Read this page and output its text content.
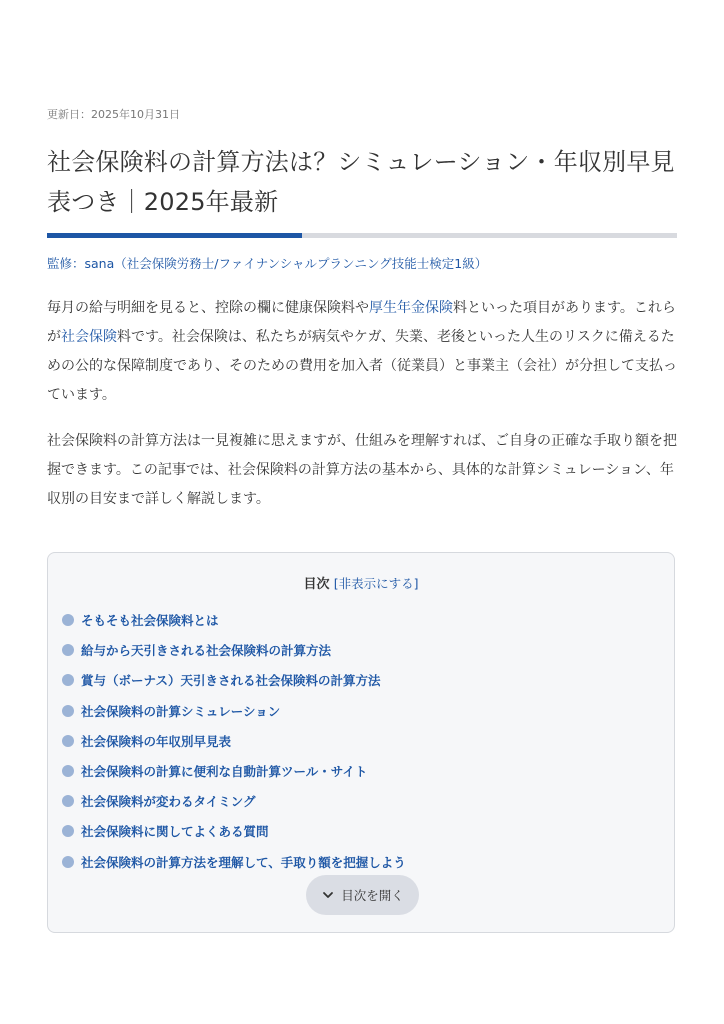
更新日：2025年10月31日
社会保険料の計算方法は？シミュレーション・年収別早見表つき｜2025年最新
監修：sana（社会保険労務士/ファイナンシャルプランニング技能士検定1級）

毎月の給与明細を見ると、控除の欄に健康保険料や厚生年金保険料といった項目があります。これらが社会保険料です。社会保険は、私たちが病気やケガ、失業、老後といった人生のリスクに備えるための公的な保障制度であり、そのための費用を加入者（従業員）と事業主（会社）が分担して支払っています。

社会保険料の計算方法は一見複雑に思えますが、仕組みを理解すれば、ご自身の正確な手取り額を把握できます。この記事では、社会保険料の計算方法の基本から、具体的な計算シミュレーション、年収別の目安まで詳しく解説します。

目次 [非表示にする]
そもそも社会保険料とは
給与から天引きされる社会保険料の計算方法
賞与（ボーナス）天引きされる社会保険料の計算方法
社会保険料の計算シミュレーション
社会保険料の年収別早見表
社会保険料の計算に便利な自動計算ツール・サイト
社会保険料が変わるタイミング
社会保険料に関してよくある質問
社会保険料の計算方法を理解して、手取り額を把握しよう
目次を開く
